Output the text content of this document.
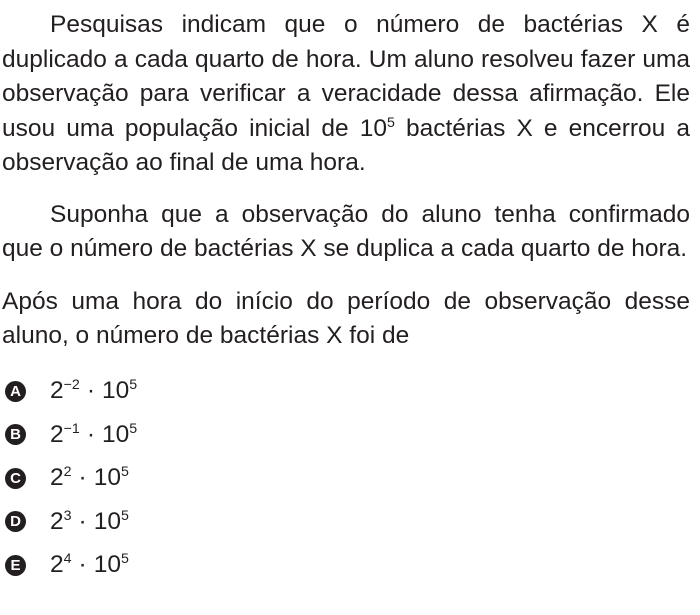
Pesquisas indicam que o número de bactérias X é duplicado a cada quarto de hora. Um aluno resolveu fazer uma observação para verificar a veracidade dessa afirmação. Ele usou uma população inicial de $10^5$ bactérias X e encerrou a observação ao final de uma hora.

Suponha que a observação do aluno tenha confirmado que o número de bactérias X se duplica a cada quarto de hora.

Após uma hora do início do período de observação desse aluno, o número de bactérias X foi de

A $2^{-2} \cdot 10^5$
B $2^{-1} \cdot 10^5$
C $2^2 \cdot 10^5$
D $2^3 \cdot 10^5$
E $2^4 \cdot 10^5$
